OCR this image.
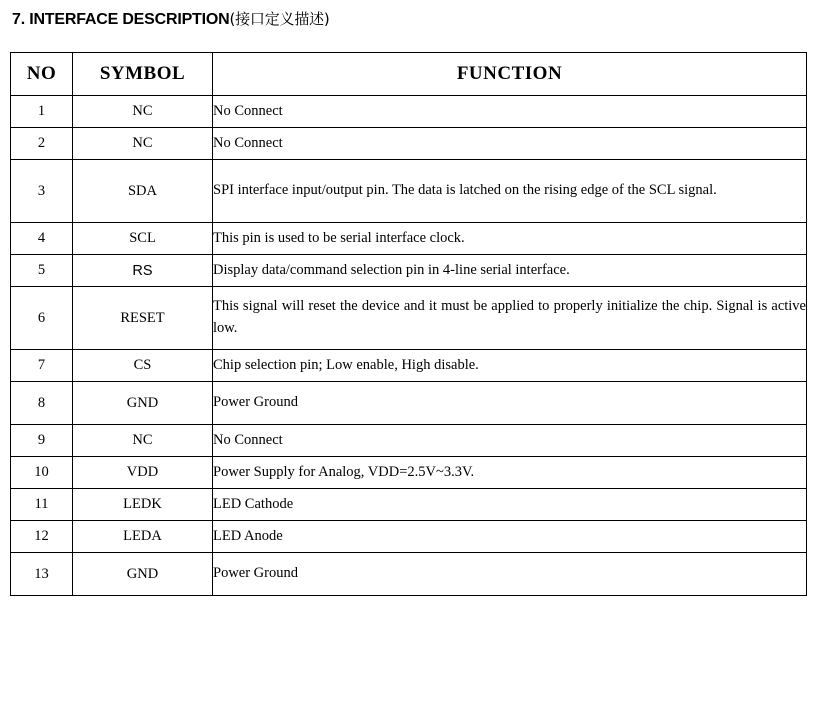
7. INTERFACE DESCRIPTION(接口定义描述)
NO	SYMBOL	FUNCTION
1	NC	No Connect
2	NC	No Connect
3	SDA	SPI interface input/output pin. The data is latched on the rising edge of the SCL signal.
4	SCL	This pin is used to be serial interface clock.
5	RS	Display data/command selection pin in 4-line serial interface.
6	RESET	This signal will reset the device and it must be applied to properly initialize the chip. Signal is active low.
7	CS	Chip selection pin; Low enable, High disable.
8	GND	Power Ground
9	NC	No Connect
10	VDD	Power Supply for Analog, VDD=2.5V~3.3V.
11	LEDK	LED Cathode
12	LEDA	LED Anode
13	GND	Power Ground
